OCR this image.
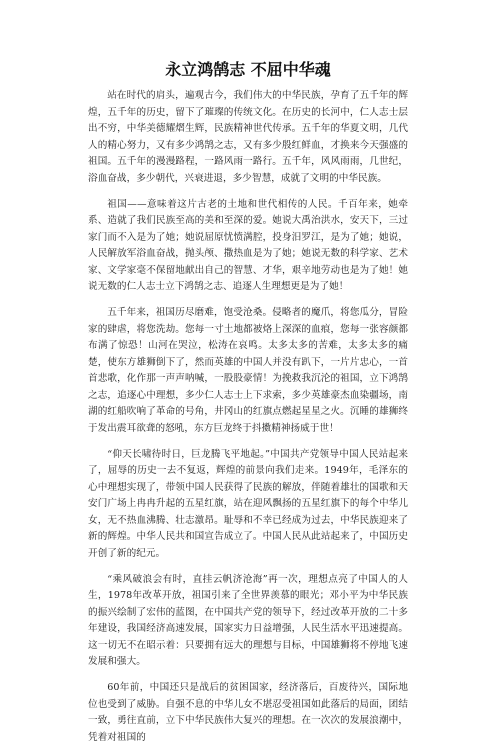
永立鸿鹄志 不屈中华魂

站在时代的肩头，遍观古今，我们伟大的中华民族，孕育了五千年的辉煌，五千年的历史，留下了璀璨的传统文化。在历史的长河中，仁人志士层出不穷，中华美德耀熠生辉，民族精神世代传承。五千年的华夏文明，几代人的精心努力，又有多少鸿鹄之志，又有多少殷红鲜血，才换来今天强盛的祖国。五千年的漫漫路程，一路风雨一路行。五千年，风风雨雨，几世纪，浴血奋战，多少朝代，兴衰进退，多少智慧，成就了文明的中华民族。

祖国——意味着这片古老的土地和世代相传的人民。千百年来，她牵系、造就了我们民族至高的美和至深的爱。她说大禹治洪水，安天下，三过家门而不入是为了她；她说屈原忧愤满腔，投身汨罗江，是为了她；她说，人民解放军浴血奋战，抛头颅、撒热血是为了她；她说无数的科学家、艺术家、文学家毫不保留地献出自己的智慧、才华，艰辛地劳动也是为了她！她说无数的仁人志士立下鸿鹄之志、追逐人生理想更是为了她！

五千年来，祖国历尽磨难，饱受沧桑。侵略者的魔爪，将您瓜分，冒险家的肆虐，将您洗劫。您每一寸土地都被烙上深深的血痕，您每一张容颜都布满了惊恐！山河在哭泣，松涛在哀鸣。太多太多的苦难，太多太多的痛楚，使东方雄狮倒下了，然而英雄的中国人并没有趴下，一片片忠心，一首首悲歌，化作那一声声呐喊，一股股豪情！为挽救我沉沦的祖国，立下鸿鹄之志，追逐心中理想，多少仁人志士上下求索，多少英雄豪杰血染疆场，南湖的红船吹响了革命的号角，井冈山的红旗点燃起星星之火。沉睡的雄狮终于发出震耳欲聋的怒吼，东方巨龙终于抖擞精神扬威于世！

“仰天长啸待时日，巨龙腾飞平地起。”中国共产党领导中国人民站起来了，屈辱的历史一去不复返，辉煌的前景向我们走来。1949年，毛泽东的心中理想实现了，带领中国人民获得了民族的解放，伴随着雄壮的国歌和天安门广场上冉冉升起的五星红旗，站在迎风飘扬的五星红旗下的每个中华儿女，无不热血沸腾、壮志激昂。耻辱和不幸已经成为过去，中华民族迎来了新的辉煌。中华人民共和国宣告成立了。中国人民从此站起来了，中国历史开创了新的纪元。

“乘风破浪会有时，直挂云帆济沧海”再一次，理想点亮了中国人的人生，1978年改革开放，祖国引来了全世界羡慕的眼光；邓小平为中华民族的振兴绘制了宏伟的蓝图，在中国共产党的领导下，经过改革开放的二十多年建设，我国经济高速发展，国家实力日益增强，人民生活水平迅速提高。这一切无不在昭示着：只要拥有远大的理想与目标，中国雄狮将不停地飞速发展和强大。

60年前，中国还只是战后的贫困国家，经济落后，百废待兴，国际地位也受到了威胁。自强不息的中华儿女不堪忍受祖国如此落后的局面，团结一致，勇往直前，立下中华民族伟大复兴的理想。在一次次的发展浪潮中，凭着对祖国的
